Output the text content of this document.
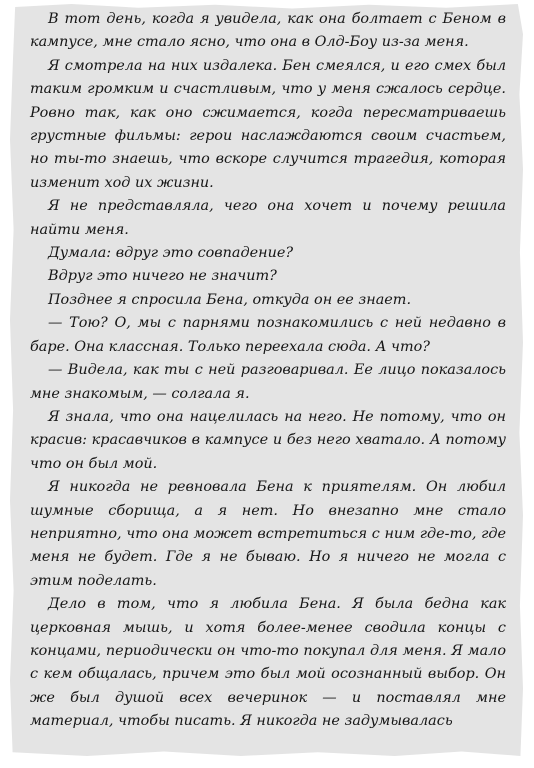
В тот день, когда я увидела, как она болтает с Беном в кампусе, мне стало ясно, что она в Олд-Боу из-за меня.

Я смотрела на них издалека. Бен смеялся, и его смех был таким громким и счастливым, что у меня сжалось сердце. Ровно так, как оно сжимается, когда пересматриваешь грустные фильмы: герои наслаждаются своим счастьем, но ты-то знаешь, что вскоре случится трагедия, которая изменит ход их жизни.

Я не представляла, чего она хочет и почему решила найти меня.

Думала: вдруг это совпадение?

Вдруг это ничего не значит?

Позднее я спросила Бена, откуда он ее знает.

— Тою? О, мы с парнями познакомились с ней недавно в баре. Она классная. Только переехала сюда. А что?

— Видела, как ты с ней разговаривал. Ее лицо показалось мне знакомым, — солгала я.

Я знала, что она нацелилась на него. Не потому, что он красив: красавчиков в кампусе и без него хватало. А потому что он был мой.

Я никогда не ревновала Бена к приятелям. Он любил шумные сборища, а я нет. Но внезапно мне стало неприятно, что она может встретиться с ним где-то, где меня не будет. Где я не бываю. Но я ничего не могла с этим поделать.

Дело в том, что я любила Бена. Я была бедна как церковная мышь, и хотя более-менее сводила концы с концами, периодически он что-то покупал для меня. Я мало с кем общалась, причем это был мой осознанный выбор. Он же был душой всех вечеринок — и поставлял мне материал, чтобы писать. Я никогда не задумывалась
